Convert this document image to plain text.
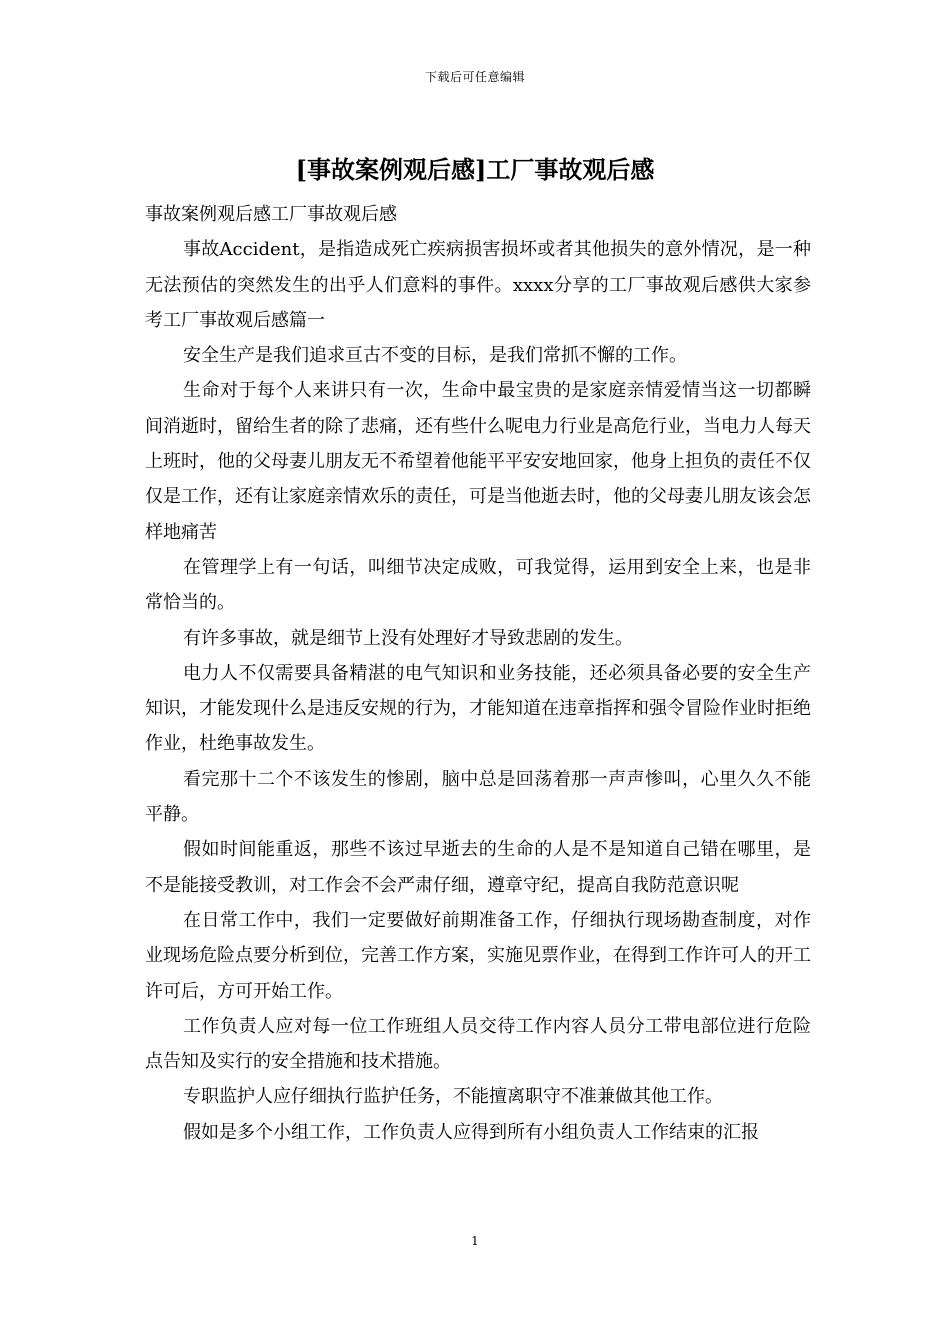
下载后可任意编辑
[事故案例观后感]工厂事故观后感

事故案例观后感工厂事故观后感

事故Accident，是指造成死亡疾病损害损坏或者其他损失的意外情况，是一种无法预估的突然发生的出乎人们意料的事件。xxxx分享的工厂事故观后感供大家参考工厂事故观后感篇一

安全生产是我们追求亘古不变的目标，是我们常抓不懈的工作。

生命对于每个人来讲只有一次，生命中最宝贵的是家庭亲情爱情当这一切都瞬间消逝时，留给生者的除了悲痛，还有些什么呢电力行业是高危行业，当电力人每天上班时，他的父母妻儿朋友无不希望着他能平平安安地回家，他身上担负的责任不仅仅是工作，还有让家庭亲情欢乐的责任，可是当他逝去时，他的父母妻儿朋友该会怎样地痛苦

在管理学上有一句话，叫细节决定成败，可我觉得，运用到安全上来，也是非常恰当的。

有许多事故，就是细节上没有处理好才导致悲剧的发生。

电力人不仅需要具备精湛的电气知识和业务技能，还必须具备必要的安全生产知识，才能发现什么是违反安规的行为，才能知道在违章指挥和强令冒险作业时拒绝作业，杜绝事故发生。

看完那十二个不该发生的惨剧，脑中总是回荡着那一声声惨叫，心里久久不能平静。

假如时间能重返，那些不该过早逝去的生命的人是不是知道自己错在哪里，是不是能接受教训，对工作会不会严肃仔细，遵章守纪，提高自我防范意识呢

在日常工作中，我们一定要做好前期准备工作，仔细执行现场勘查制度，对作业现场危险点要分析到位，完善工作方案，实施见票作业，在得到工作许可人的开工许可后，方可开始工作。

工作负责人应对每一位工作班组人员交待工作内容人员分工带电部位进行危险点告知及实行的安全措施和技术措施。

专职监护人应仔细执行监护任务，不能擅离职守不准兼做其他工作。

假如是多个小组工作，工作负责人应得到所有小组负责人工作结束的汇报

1
